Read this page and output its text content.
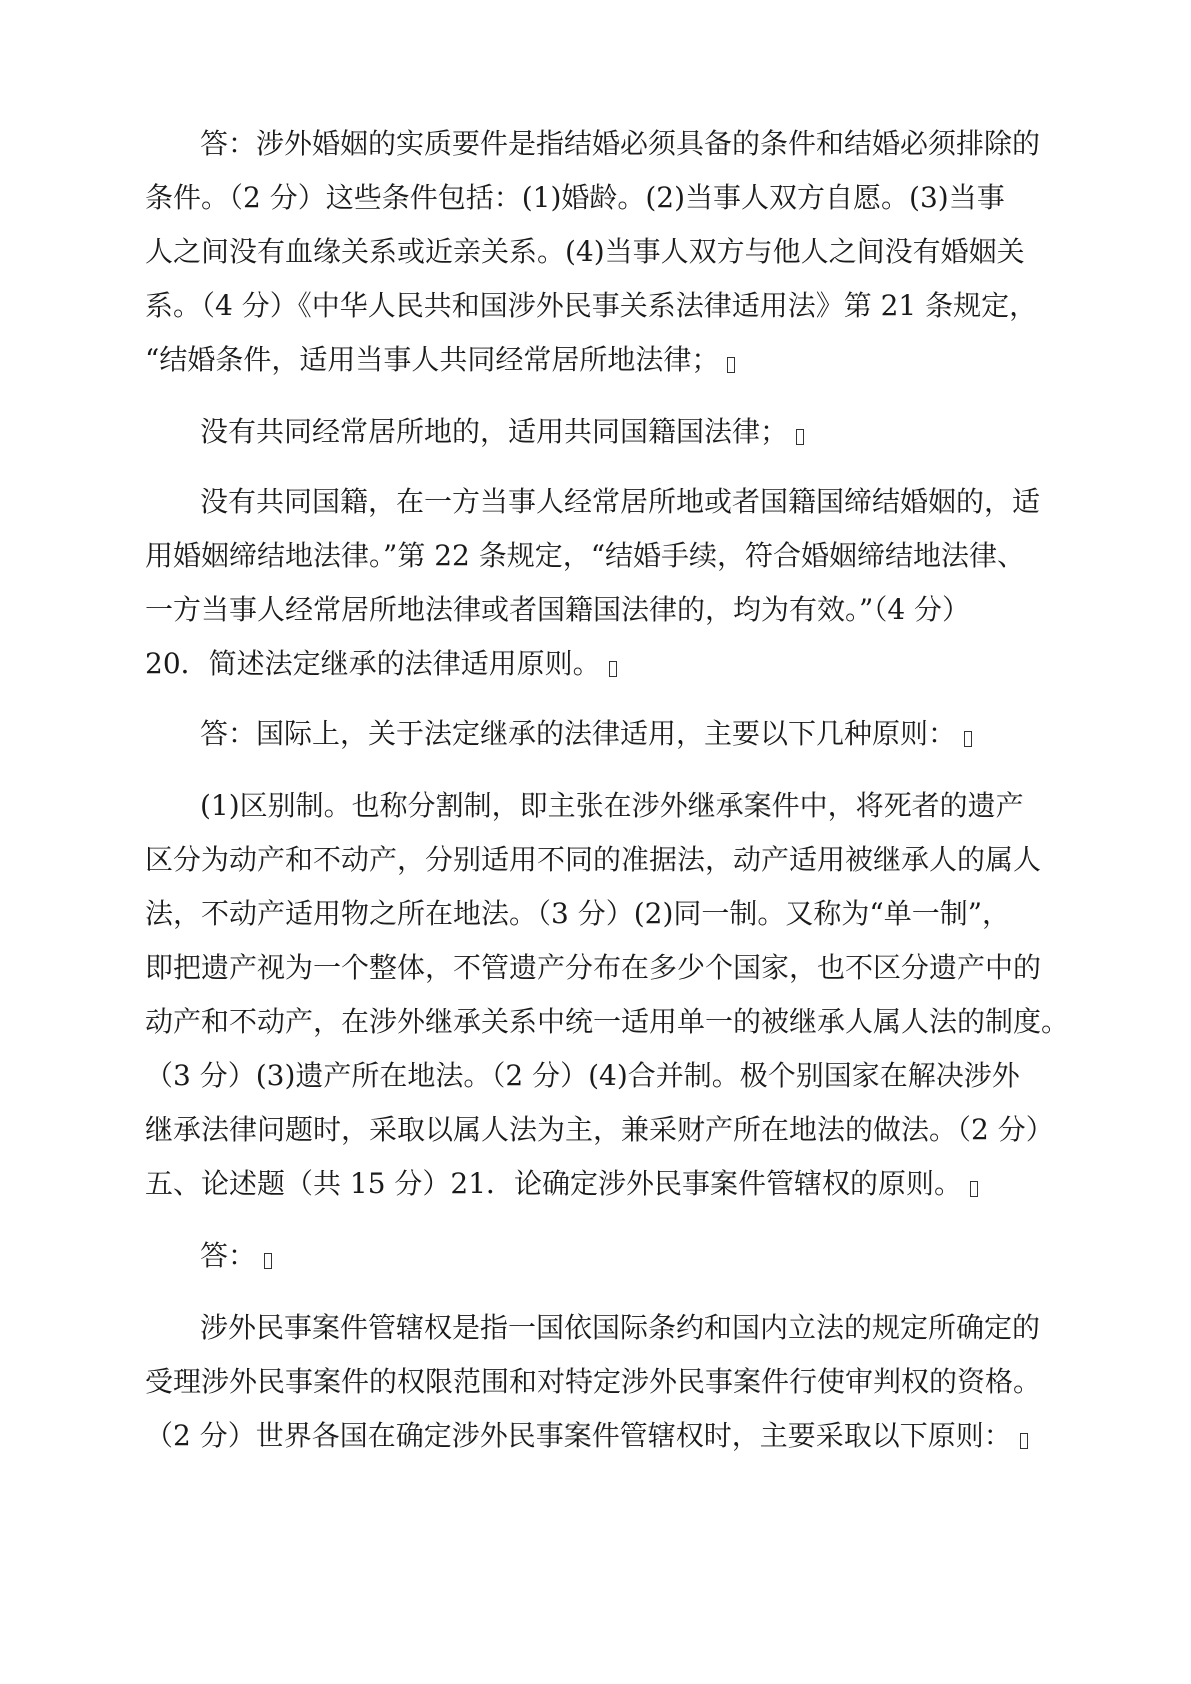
答：涉外婚姻的实质要件是指结婚必须具备的条件和结婚必须排除的
条件。（2 分）这些条件包括：(1)婚龄。(2)当事人双方自愿。(3)当事
人之间没有血缘关系或近亲关系。(4)当事人双方与他人之间没有婚姻关
系。（4 分）《中华人民共和国涉外民事关系法律适用法》第 21 条规定，
“结婚条件，适用当事人共同经常居所地法律；
没有共同经常居所地的，适用共同国籍国法律；
没有共同国籍，在一方当事人经常居所地或者国籍国缔结婚姻的，适
用婚姻缔结地法律。”第 22 条规定，“结婚手续，符合婚姻缔结地法律、
一方当事人经常居所地法律或者国籍国法律的，均为有效。”（4 分）
20．简述法定继承的法律适用原则。
答：国际上，关于法定继承的法律适用，主要以下几种原则：
(1)区别制。也称分割制，即主张在涉外继承案件中，将死者的遗产
区分为动产和不动产，分别适用不同的准据法，动产适用被继承人的属人
法，不动产适用物之所在地法。（3 分）(2)同一制。又称为“单一制”，
即把遗产视为一个整体，不管遗产分布在多少个国家，也不区分遗产中的
动产和不动产，在涉外继承关系中统一适用单一的被继承人属人法的制度。
（3 分）(3)遗产所在地法。（2 分）(4)合并制。极个别国家在解决涉外
继承法律问题时，采取以属人法为主，兼采财产所在地法的做法。（2 分）
五、论述题（共 15 分）21．论确定涉外民事案件管辖权的原则。
答：
涉外民事案件管辖权是指一国依国际条约和国内立法的规定所确定的
受理涉外民事案件的权限范围和对特定涉外民事案件行使审判权的资格。
（2 分）世界各国在确定涉外民事案件管辖权时，主要采取以下原则：
